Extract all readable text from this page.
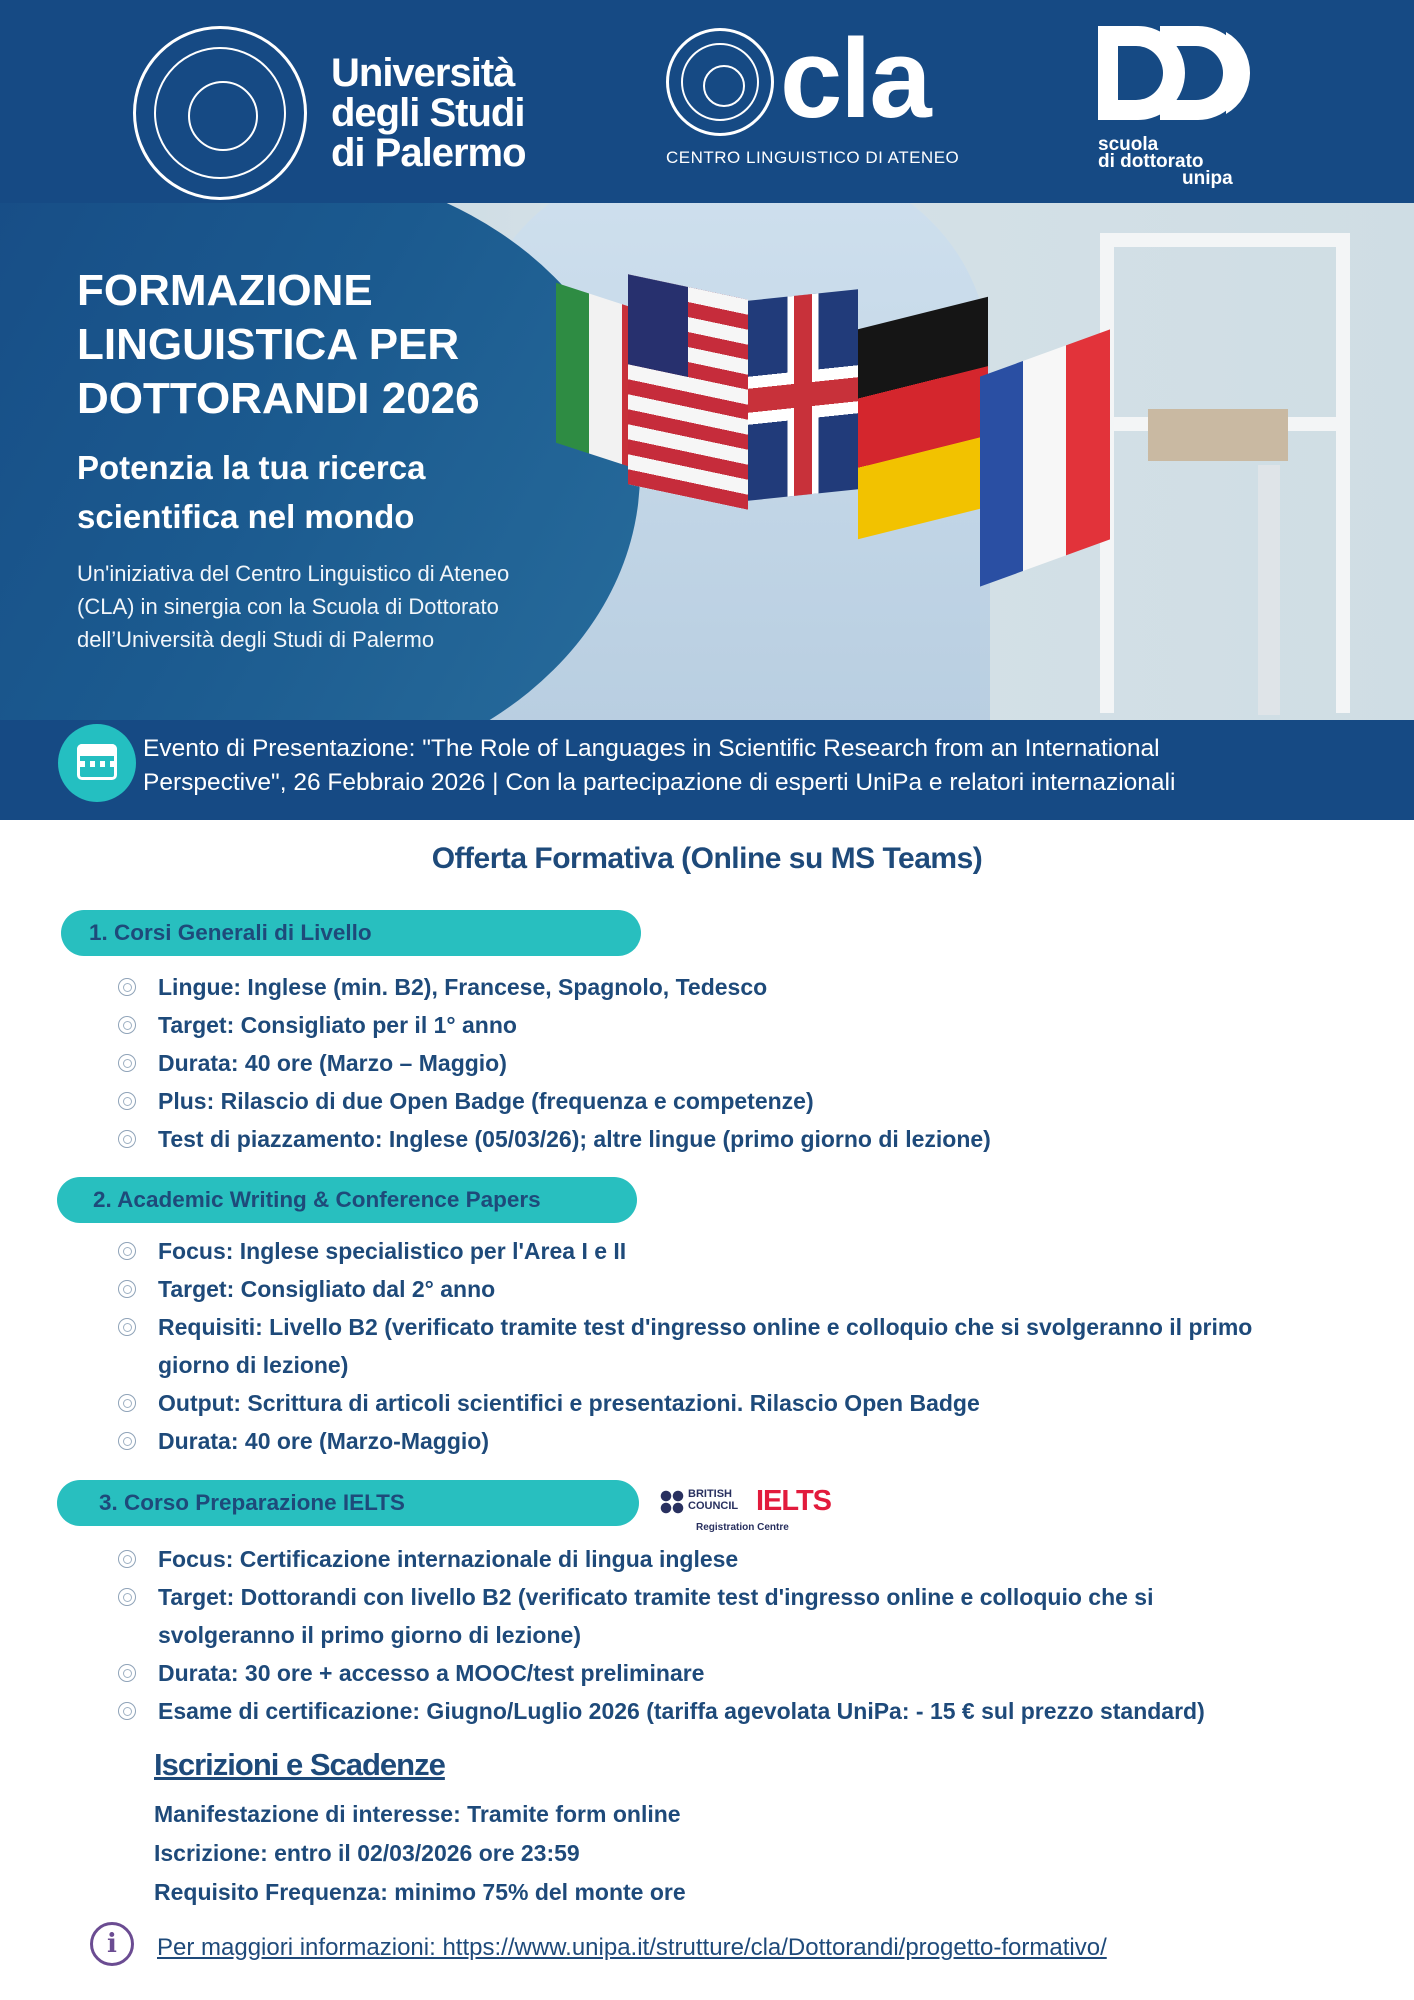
Università
degli Studi
di Palermo
cla
CENTRO LINGUISTICO DI ATENEO
scuola
di dottorato
unipa
FORMAZIONE
LINGUISTICA PER
DOTTORANDI 2026
Potenzia la tua ricerca
scientifica nel mondo
Un'iniziativa del Centro Linguistico di Ateneo
(CLA) in sinergia con la Scuola di Dottorato
dell’Università degli Studi di Palermo
Evento di Presentazione: "The Role of Languages in Scientific Research from an International
Perspective", 26 Febbraio 2026 | Con la partecipazione di esperti UniPa e relatori internazionali
Offerta Formativa (Online su MS Teams)
1. Corsi Generali di Livello
Lingue: Inglese (min. B2), Francese, Spagnolo, Tedesco
Target: Consigliato per il 1° anno
Durata: 40 ore (Marzo – Maggio)
Plus: Rilascio di due Open Badge (frequenza e competenze)
Test di piazzamento: Inglese (05/03/26); altre lingue (primo giorno di lezione)
2. Academic Writing & Conference Papers
Focus: Inglese specialistico per l'Area I e II
Target: Consigliato dal 2° anno
Requisiti: Livello B2 (verificato tramite test d'ingresso online e colloquio che si svolgeranno il primo
giorno di lezione)
Output: Scrittura di articoli scientifici e presentazioni. Rilascio Open Badge
Durata: 40 ore (Marzo-Maggio)
3. Corso Preparazione IELTS	BRITISH
COUNCIL IELTS
Registration Centre
Focus: Certificazione internazionale di lingua inglese
Target: Dottorandi con livello B2 (verificato tramite test d'ingresso online e colloquio che si
svolgeranno il primo giorno di lezione)
Durata: 30 ore + accesso a MOOC/test preliminare
Esame di certificazione: Giugno/Luglio 2026 (tariffa agevolata UniPa: - 15 € sul prezzo standard)
Iscrizioni e Scadenze
Manifestazione di interesse: Tramite form online
Iscrizione: entro il 02/03/2026 ore 23:59
Requisito Frequenza: minimo 75% del monte ore
i	Per maggiori informazioni: https://www.unipa.it/strutture/cla/Dottorandi/progetto-formativo/
